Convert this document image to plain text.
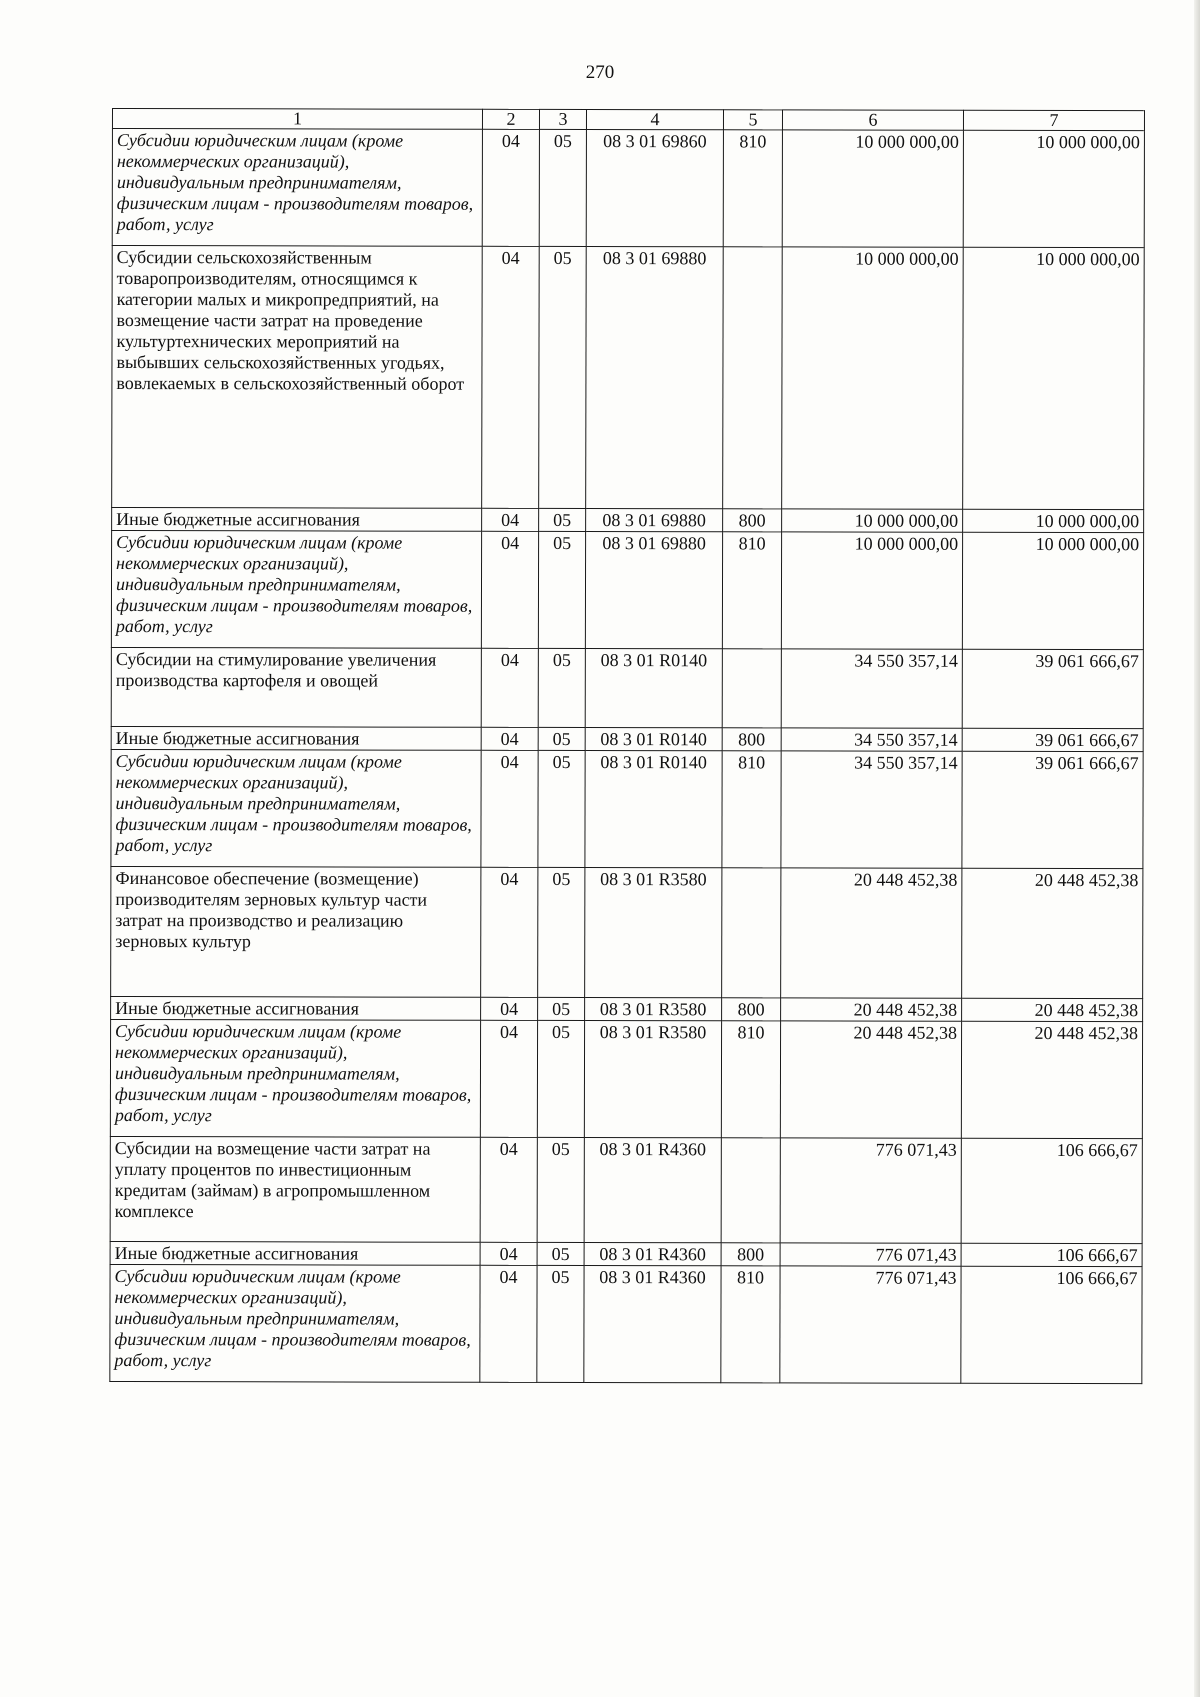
270
1	2	3	4	5	6	7
Субсидии юридическим лицам (кроме некоммерческих организаций), индивидуальным предпринимателям, физическим лицам - производителям товаров, работ, услуг	04	05	08 3 01 69860	810	10 000 000,00	10 000 000,00
Субсидии сельскохозяйственным товаропроизводителям, относящимся к категории малых и микропредприятий, на возмещение части затрат на проведение культуртехнических мероприятий на выбывших сельскохозяйственных угодьях, вовлекаемых в сельскохозяйственный оборот	04	05	08 3 01 69880		10 000 000,00	10 000 000,00
Иные бюджетные ассигнования	04	05	08 3 01 69880	800	10 000 000,00	10 000 000,00
Субсидии юридическим лицам (кроме некоммерческих организаций), индивидуальным предпринимателям, физическим лицам - производителям товаров, работ, услуг	04	05	08 3 01 69880	810	10 000 000,00	10 000 000,00
Субсидии на стимулирование увеличения производства картофеля и овощей	04	05	08 3 01 R0140		34 550 357,14	39 061 666,67
Иные бюджетные ассигнования	04	05	08 3 01 R0140	800	34 550 357,14	39 061 666,67
Субсидии юридическим лицам (кроме некоммерческих организаций), индивидуальным предпринимателям, физическим лицам - производителям товаров, работ, услуг	04	05	08 3 01 R0140	810	34 550 357,14	39 061 666,67
Финансовое обеспечение (возмещение) производителям зерновых культур части затрат на производство и реализацию зерновых культур	04	05	08 3 01 R3580		20 448 452,38	20 448 452,38
Иные бюджетные ассигнования	04	05	08 3 01 R3580	800	20 448 452,38	20 448 452,38
Субсидии юридическим лицам (кроме некоммерческих организаций), индивидуальным предпринимателям, физическим лицам - производителям товаров, работ, услуг	04	05	08 3 01 R3580	810	20 448 452,38	20 448 452,38
Субсидии на возмещение части затрат на уплату процентов по инвестиционным кредитам (займам) в агропромышленном комплексе	04	05	08 3 01 R4360		776 071,43	106 666,67
Иные бюджетные ассигнования	04	05	08 3 01 R4360	800	776 071,43	106 666,67
Субсидии юридическим лицам (кроме некоммерческих организаций), индивидуальным предпринимателям, физическим лицам - производителям товаров, работ, услуг	04	05	08 3 01 R4360	810	776 071,43	106 666,67
